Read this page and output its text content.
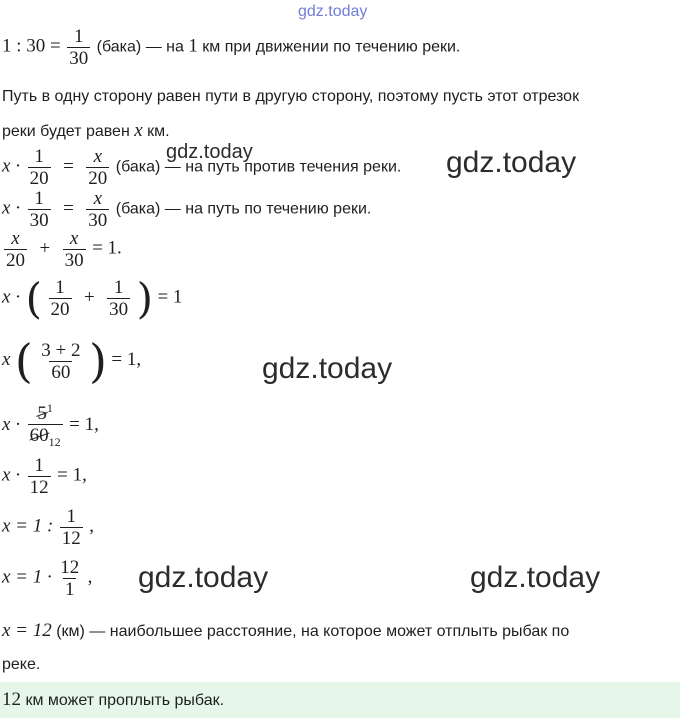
gdz.today
1 : $30 = \frac{1}{30}$ (бака) — на 1 км при движении по течению реки.
Путь в одну сторону равен пути в другую сторону, поэтому пусть этот отрезок
реки будет равен x км.
$x \cdot \frac{1}{20} = \frac{x}{20}$ (бака) — на путь против течения реки.
$x \cdot \frac{1}{30} = \frac{x}{30}$ (бака) — на путь по течению реки.
$\frac{x}{20} + \frac{x}{30} = 1$.
x · ( $\frac{1}{20} + \frac{1}{30}$ ) = 1
x ( $\frac{3 + 2}{60}$ ) = 1,
$x \cdot \frac{5^1}{60_{12}} = 1$,
$x \cdot \frac{1}{12} = 1$,
x = 1 : $\frac{1}{12}$ ,
$x = 1 \cdot \frac{12}{1}$ ,
x = 12 (км) — наибольшее расстояние, на которое может отплыть рыбак по
реке.
12 км может проплыть рыбак.
gdz.today	gdz.today
gdz.today
gdz.today	gdz.today
